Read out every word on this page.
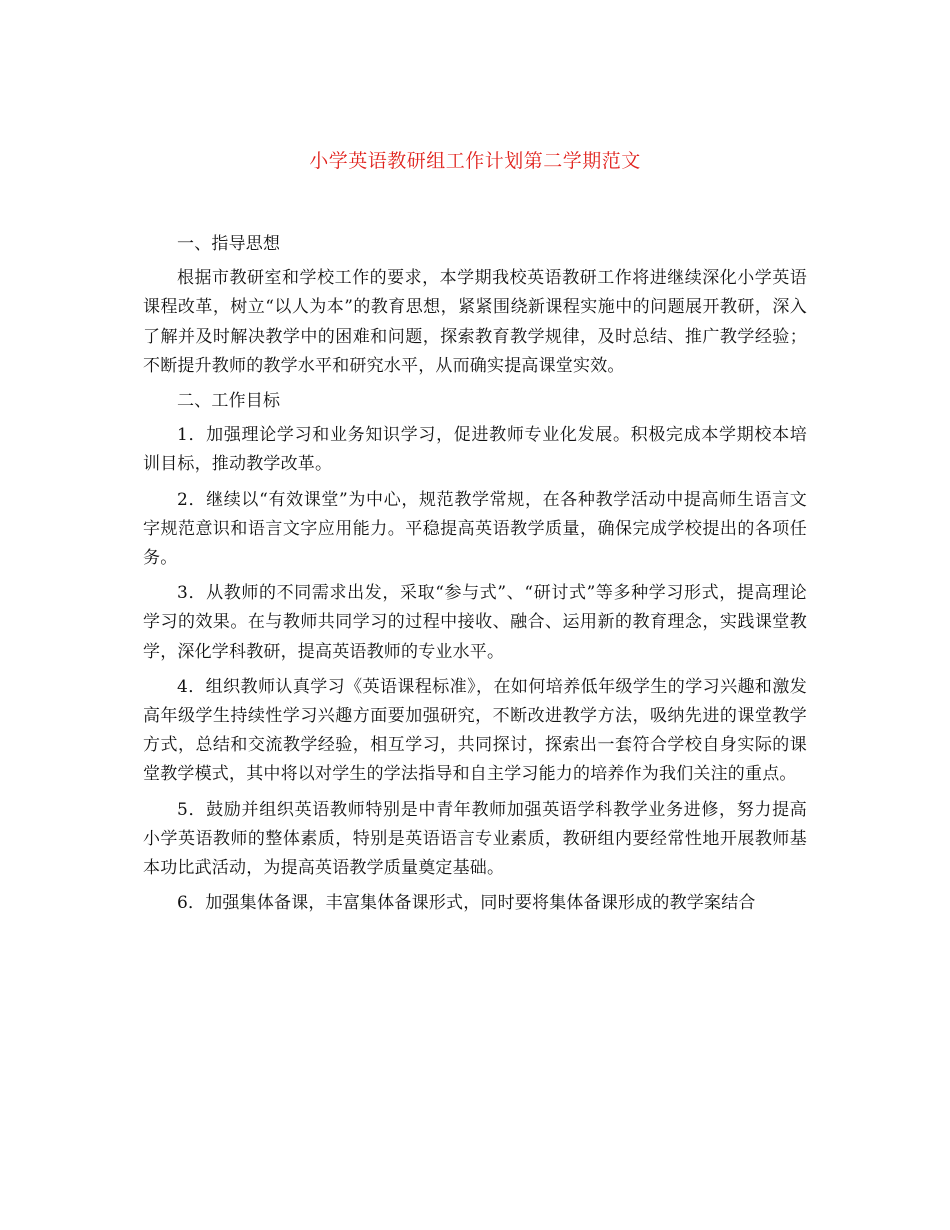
小学英语教研组工作计划第二学期范文

一、指导思想

根据市教研室和学校工作的要求，本学期我校英语教研工作将进继续深化小学英语课程改革，树立“以人为本”的教育思想，紧紧围绕新课程实施中的问题展开教研，深入了解并及时解决教学中的困难和问题，探索教育教学规律，及时总结、推广教学经验；不断提升教师的教学水平和研究水平，从而确实提高课堂实效。

二、工作目标

1．加强理论学习和业务知识学习，促进教师专业化发展。积极完成本学期校本培训目标，推动教学改革。

2．继续以“有效课堂”为中心，规范教学常规，在各种教学活动中提高师生语言文字规范意识和语言文字应用能力。平稳提高英语教学质量，确保完成学校提出的各项任务。

3．从教师的不同需求出发，采取“参与式”、“研讨式”等多种学习形式，提高理论学习的效果。在与教师共同学习的过程中接收、融合、运用新的教育理念，实践课堂教学，深化学科教研，提高英语教师的专业水平。

4．组织教师认真学习《英语课程标准》，在如何培养低年级学生的学习兴趣和激发高年级学生持续性学习兴趣方面要加强研究，不断改进教学方法，吸纳先进的课堂教学方式，总结和交流教学经验，相互学习，共同探讨，探索出一套符合学校自身实际的课堂教学模式，其中将以对学生的学法指导和自主学习能力的培养作为我们关注的重点。

5．鼓励并组织英语教师特别是中青年教师加强英语学科教学业务进修，努力提高小学英语教师的整体素质，特别是英语语言专业素质，教研组内要经常性地开展教师基本功比武活动，为提高英语教学质量奠定基础。

6．加强集体备课，丰富集体备课形式，同时要将集体备课形成的教学案结合
